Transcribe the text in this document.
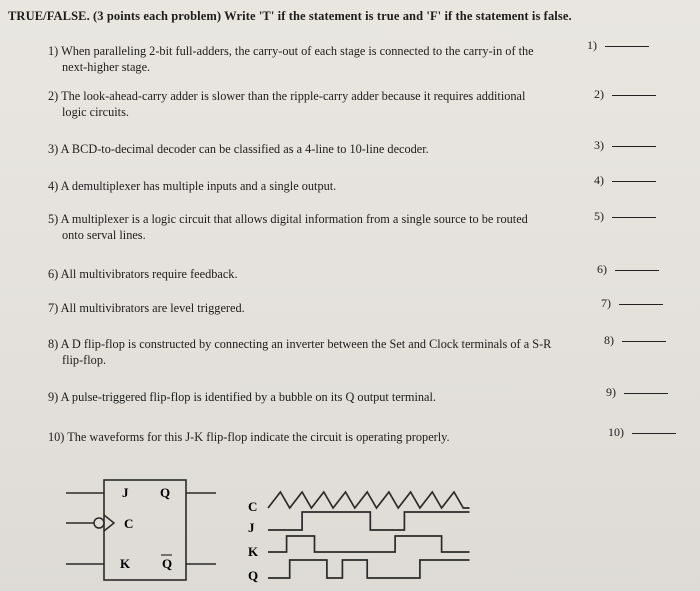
TRUE/FALSE. (3 points each problem) Write 'T' if the statement is true and 'F' if the statement is false.
1) When paralleling 2-bit full-adders, the carry-out of each stage is connected to the carry-in of the
next-higher stage.
1)
2) The look-ahead-carry adder is slower than the ripple-carry adder because it requires additional
logic circuits.
2)
3) A BCD-to-decimal decoder can be classified as a 4-line to 10-line decoder.	3)
4) A demultiplexer has multiple inputs and a single output.	4)
5) A multiplexer is a logic circuit that allows digital information from a single source to be routed
onto serval lines.
5)
6) All multivibrators require feedback.	6)
7) All multivibrators are level triggered.	7)
8) A D flip-flop is constructed by connecting an inverter between the Set and Clock terminals of a S-R
flip-flop.
8)
9) A pulse-triggered flip-flop is identified by a bubble on its Q output terminal.	9)
10) The waveforms for this J-K flip-flop indicate the circuit is operating properly.	10)
J Q
C
K Q
C
J
K
Q
